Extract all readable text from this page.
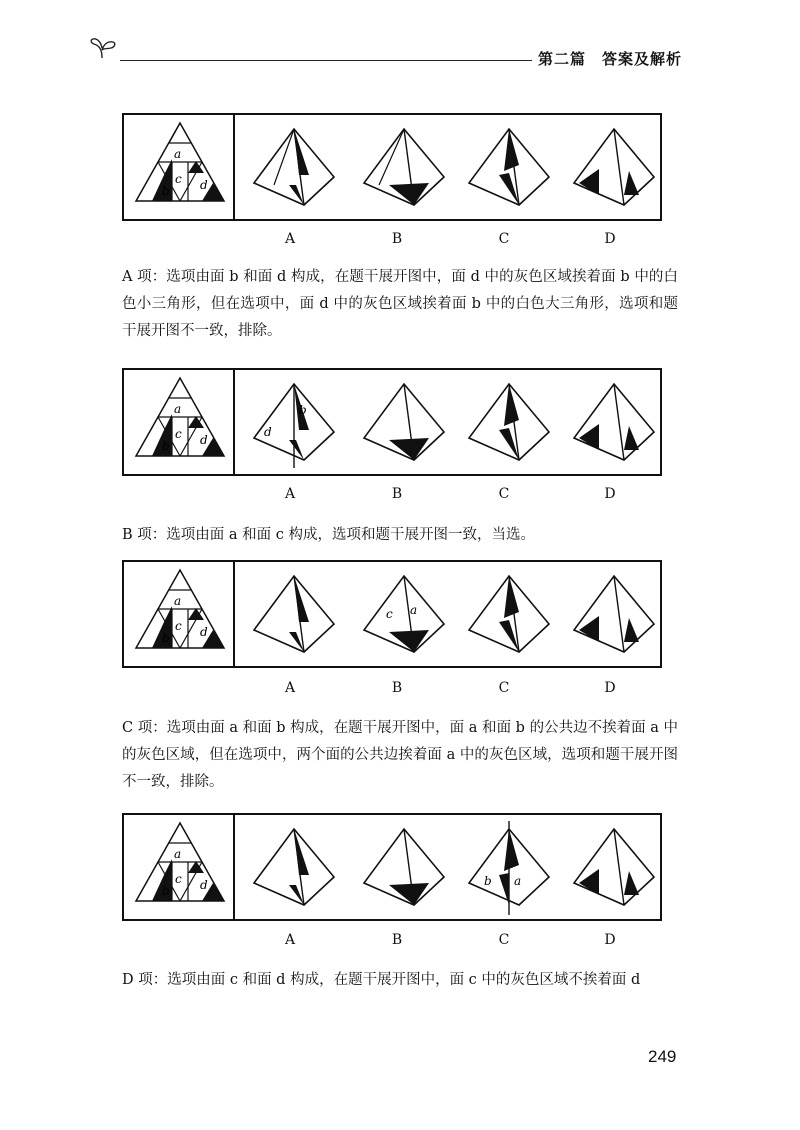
第二篇　答案及解析
a
b
c d
A	B	C	D
A 项：选项由面 b 和面 d 构成，在题干展开图中，面 d 中的灰色区域挨着面 b 中的白色小三角形，但在选项中，面 d 中的灰色区域挨着面 b 中的白色大三角形，选项和题干展开图不一致，排除。
a
b
c d
b
d
A	B	C	D
B 项：选项由面 a 和面 c 构成，选项和题干展开图一致，当选。
a
b
c d
c a
A	B	C	D
C 项：选项由面 a 和面 b 构成，在题干展开图中，面 a 和面 b 的公共边不挨着面 a 中的灰色区域，但在选项中，两个面的公共边挨着面 a 中的灰色区域，选项和题干展开图不一致，排除。
a
b
c d	b a
A	B	C	D
D 项：选项由面 c 和面 d 构成，在题干展开图中，面 c 中的灰色区域不挨着面 d
249
